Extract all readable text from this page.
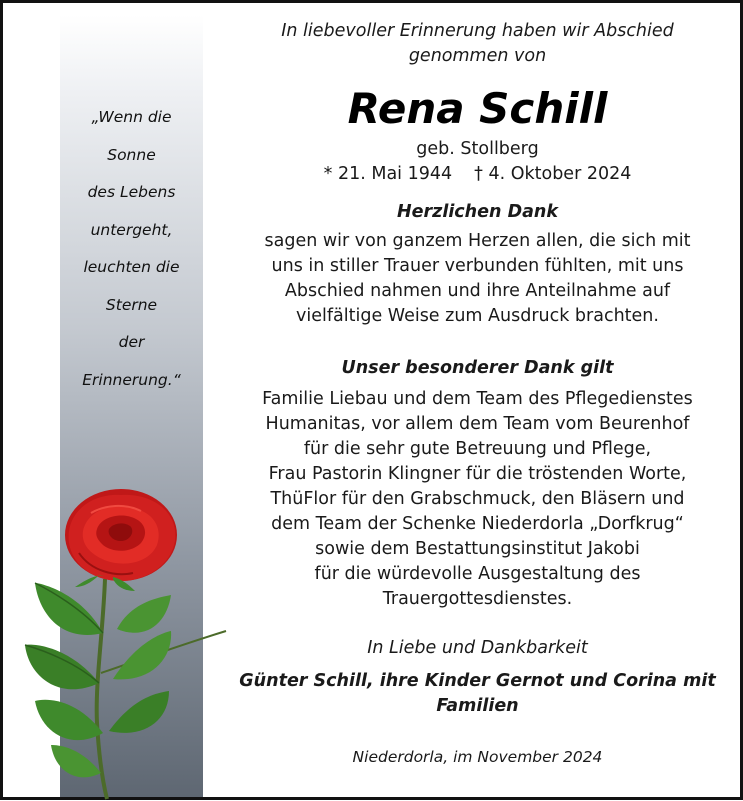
„Wenn die
Sonne
des Lebens
untergeht,
leuchten die
Sterne
der
Erinnerung.“
In liebevoller Erinnerung haben wir Abschied
genommen von
Rena Schill
geb. Stollberg
* 21. Mai 1944 † 4. Oktober 2024
Herzlichen Dank
sagen wir von ganzem Herzen allen, die sich mit
uns in stiller Trauer verbunden fühlten, mit uns
Abschied nahmen und ihre Anteilnahme auf
vielfältige Weise zum Ausdruck brachten.
Unser besonderer Dank gilt
Familie Liebau und dem Team des Pflegedienstes
Humanitas, vor allem dem Team vom Beurenhof
für die sehr gute Betreuung und Pflege,
Frau Pastorin Klingner für die tröstenden Worte,
ThüFlor für den Grabschmuck, den Bläsern und
dem Team der Schenke Niederdorla „Dorfkrug“
sowie dem Bestattungsinstitut Jakobi
für die würdevolle Ausgestaltung des
Trauergottesdienstes.
In Liebe und Dankbarkeit
Günter Schill, ihre Kinder Gernot und Corina mit
Familien
Niederdorla, im November 2024
